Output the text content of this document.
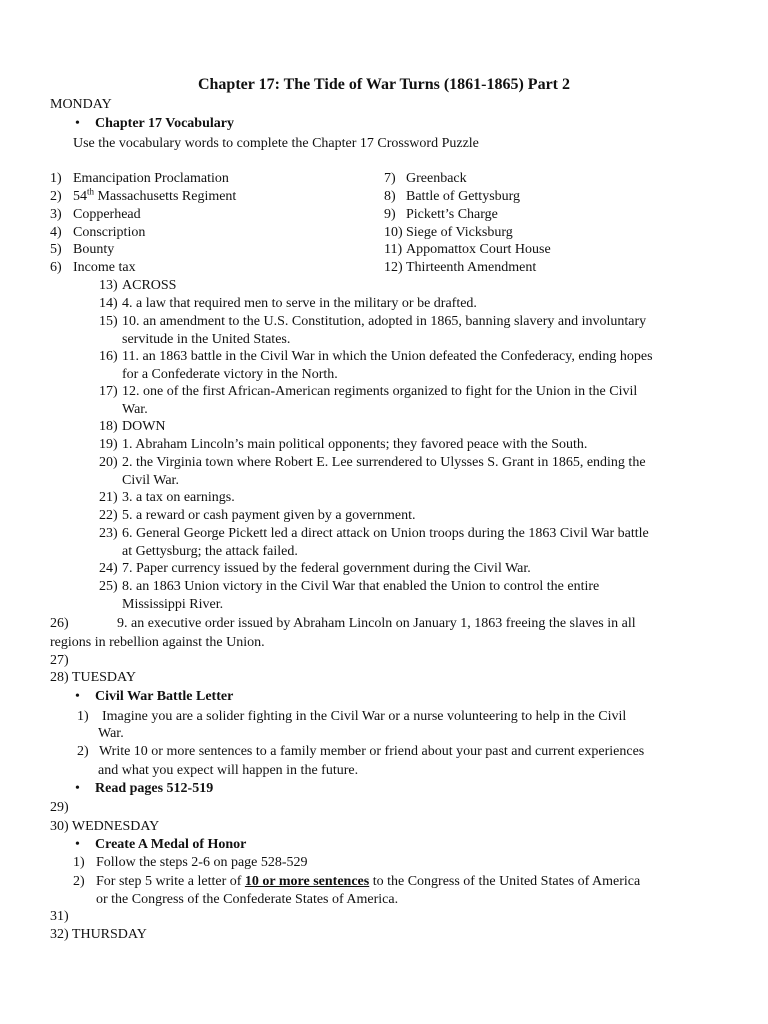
Chapter 17: The Tide of War Turns (1861-1865) Part 2
MONDAY
• Chapter 17 Vocabulary
Use the vocabulary words to complete the Chapter 17 Crossword Puzzle
26)	9. an executive order issued by Abraham Lincoln on January 1, 1863 freeing the slaves in all
regions in rebellion against the Union.
27)
28) TUESDAY
• Civil War Battle Letter
1) Imagine you are a solider fighting in the Civil War or a nurse volunteering to help in the Civil
War.
2) Write 10 or more sentences to a family member or friend about your past and current experiences
and what you expect will happen in the future.
• Read pages 512-519
29)
30) WEDNESDAY
• Create A Medal of Honor
1) Follow the steps 2-6 on page 528-529
2) For step 5 write a letter of 10 or more sentences to the Congress of the United States of America
or the Congress of the Confederate States of America.
31)
32) THURSDAY
1) Emancipation Proclamation
2) 54th Massachusetts Regiment
3) Copperhead
4) Conscription
5) Bounty
6) Income tax
7) Greenback
8) Battle of Gettysburg
9) Pickett’s Charge
10) Siege of Vicksburg
11) Appomattox Court House
12) Thirteenth Amendment
13) ACROSS
14) 4. a law that required men to serve in the military or be drafted.
15) 10. an amendment to the U.S. Constitution, adopted in 1865, banning slavery and involuntary
servitude in the United States.
16) 11. an 1863 battle in the Civil War in which the Union defeated the Confederacy, ending hopes
for a Confederate victory in the North.
17) 12. one of the first African-American regiments organized to fight for the Union in the Civil
War.
18) DOWN
19) 1. Abraham Lincoln’s main political opponents; they favored peace with the South.
20) 2. the Virginia town where Robert E. Lee surrendered to Ulysses S. Grant in 1865, ending the
Civil War.
21) 3. a tax on earnings.
22) 5. a reward or cash payment given by a government.
23) 6. General George Pickett led a direct attack on Union troops during the 1863 Civil War battle
at Gettysburg; the attack failed.
24) 7. Paper currency issued by the federal government during the Civil War.
25) 8. an 1863 Union victory in the Civil War that enabled the Union to control the entire
Mississippi River.
